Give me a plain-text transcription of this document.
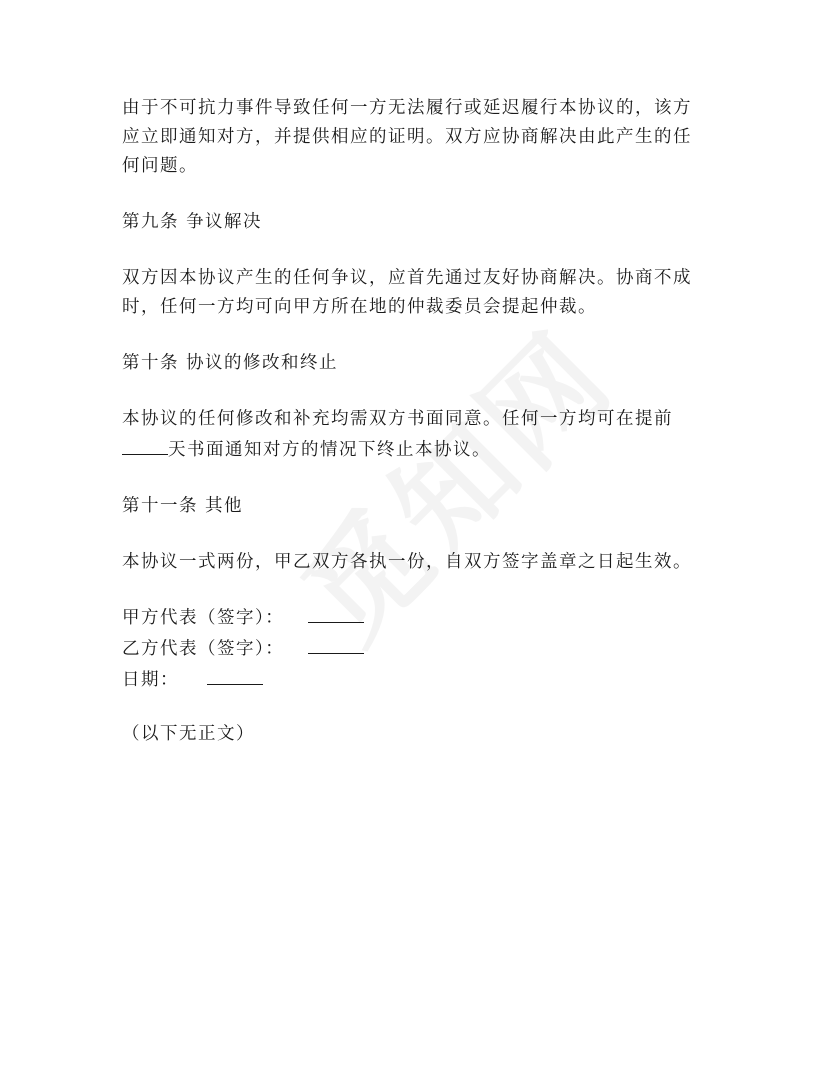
由于不可抗力事件导致任何一方无法履行或延迟履行本协议的，该方应立即通知对方，并提供相应的证明。双方应协商解决由此产生的任何问题。

第九条 争议解决

双方因本协议产生的任何争议，应首先通过友好协商解决。协商不成时，任何一方均可向甲方所在地的仲裁委员会提起仲裁。

第十条 协议的修改和终止

本协议的任何修改和补充均需双方书面同意。任何一方均可在提前
天书面通知对方的情况下终止本协议。

第十一条 其他

本协议一式两份，甲乙双方各执一份，自双方签字盖章之日起生效。

甲方代表（签字）：

乙方代表（签字）：

日期：

（以下无正文）
